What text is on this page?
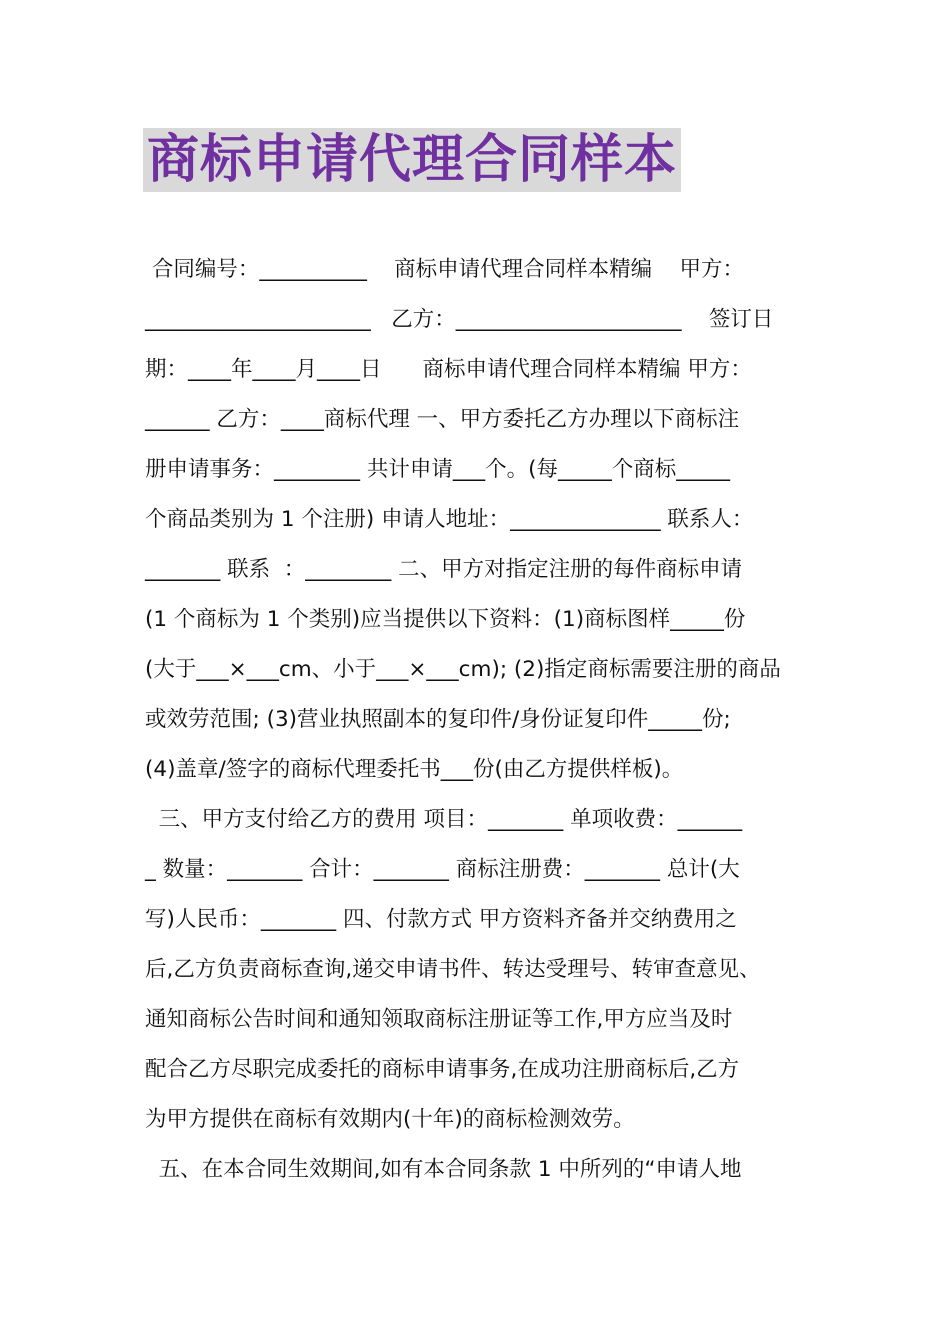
商标申请代理合同样本
合同编号：__________    商标申请代理合同样本精编    甲方：
_____________________   乙方：_____________________    签订日
期：____年____月____日      商标申请代理合同样本精编 甲方：
______ 乙方：____商标代理 一、甲方委托乙方办理以下商标注
册申请事务：________ 共计申请___个。(每_____个商标_____
个商品类别为 1 个注册) 申请人地址：______________ 联系人：
_______ 联系  ：________ 二、甲方对指定注册的每件商标申请
(1 个商标为 1 个类别)应当提供以下资料：(1)商标图样_____份
(大于___×___cm、小于___×___cm); (2)指定商标需要注册的商品
或效劳范围; (3)营业执照副本的复印件/身份证复印件_____份;
(4)盖章/签字的商标代理委托书___份(由乙方提供样板)。
三、甲方支付给乙方的费用 项目：_______ 单项收费：______
_ 数量：_______ 合计：_______ 商标注册费：_______ 总计(大
写)人民币：_______ 四、付款方式 甲方资料齐备并交纳费用之
后,乙方负责商标查询,递交申请书件、转达受理号、转审查意见、
通知商标公告时间和通知领取商标注册证等工作,甲方应当及时
配合乙方尽职完成委托的商标申请事务,在成功注册商标后,乙方
为甲方提供在商标有效期内(十年)的商标检测效劳。
五、在本合同生效期间,如有本合同条款 1 中所列的“申请人地
